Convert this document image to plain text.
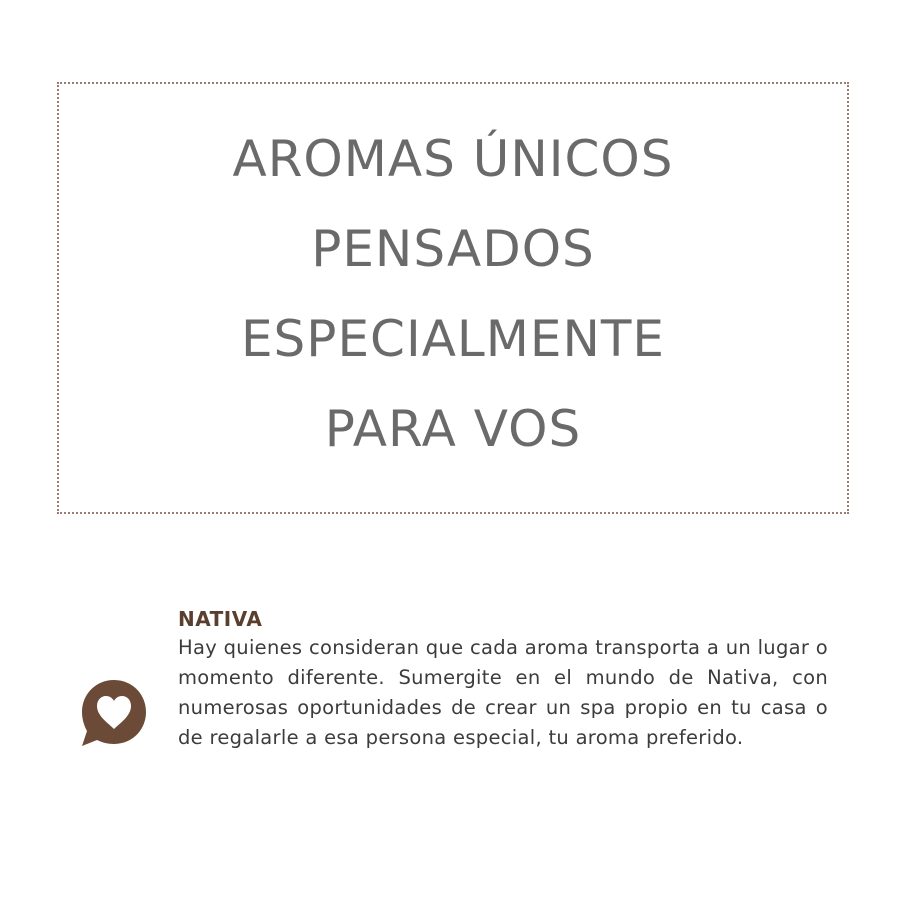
AROMAS ÚNICOS
PENSADOS
ESPECIALMENTE
PARA VOS

NATIVA

Hay quienes consideran que cada aroma transporta a un lugar o momento diferente. Sumergite en el mundo de Nativa, con numerosas oportunidades de crear un spa propio en tu casa o de regalarle a esa persona especial, tu aroma preferido.
